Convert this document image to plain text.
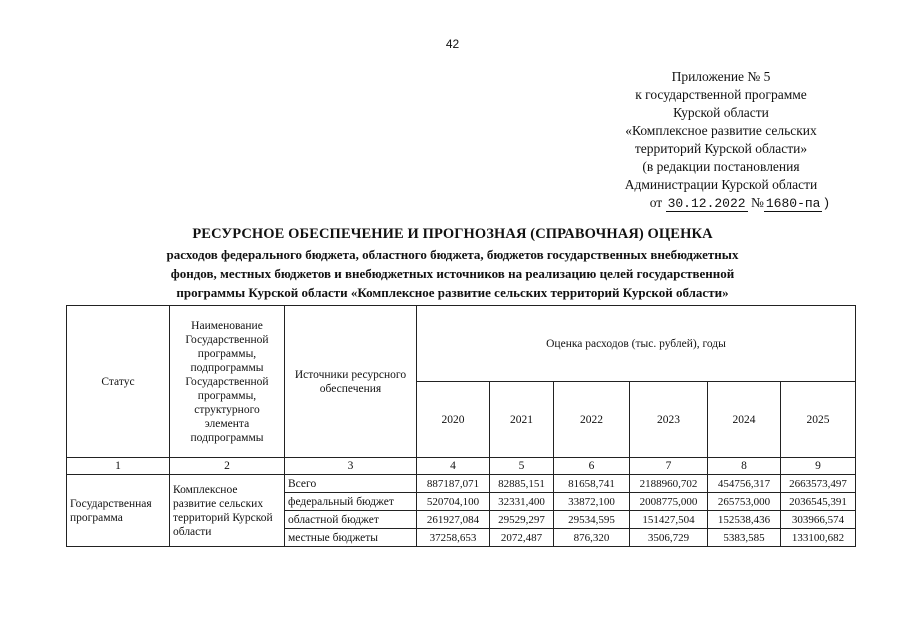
42
Приложение № 5
к государственной программе
Курской области
«Комплексное развитие сельских
территорий Курской области»
(в редакции постановления
Администрации Курской области
от 30.12.2022 № 1680-па )
РЕСУРСНОЕ ОБЕСПЕЧЕНИЕ И ПРОГНОЗНАЯ (СПРАВОЧНАЯ) ОЦЕНКА
расходов федерального бюджета, областного бюджета, бюджетов государственных внебюджетных
фондов, местных бюджетов и внебюджетных источников на реализацию целей государственной
программы Курской области «Комплексное развитие сельских территорий Курской области»
Статус	Наименование Государственной программы, подпрограммы Государственной программы, структурного элемента подпрограммы	Источники ресурсного обеспечения	Оценка расходов (тыс. рублей), годы					
			2020	2021	2022	2023	2024	2025
1	2	3	4	5	6	7	8	9
Государственная программа	Комплексное развитие сельских территорий Курской области	Всего	887187,071	82885,151	81658,741	2188960,702	454756,317	2663573,497
		федеральный бюджет	520704,100	32331,400	33872,100	2008775,000	265753,000	2036545,391
		областной бюджет	261927,084	29529,297	29534,595	151427,504	152538,436	303966,574
		местные бюджеты	37258,653	2072,487	876,320	3506,729	5383,585	133100,682
